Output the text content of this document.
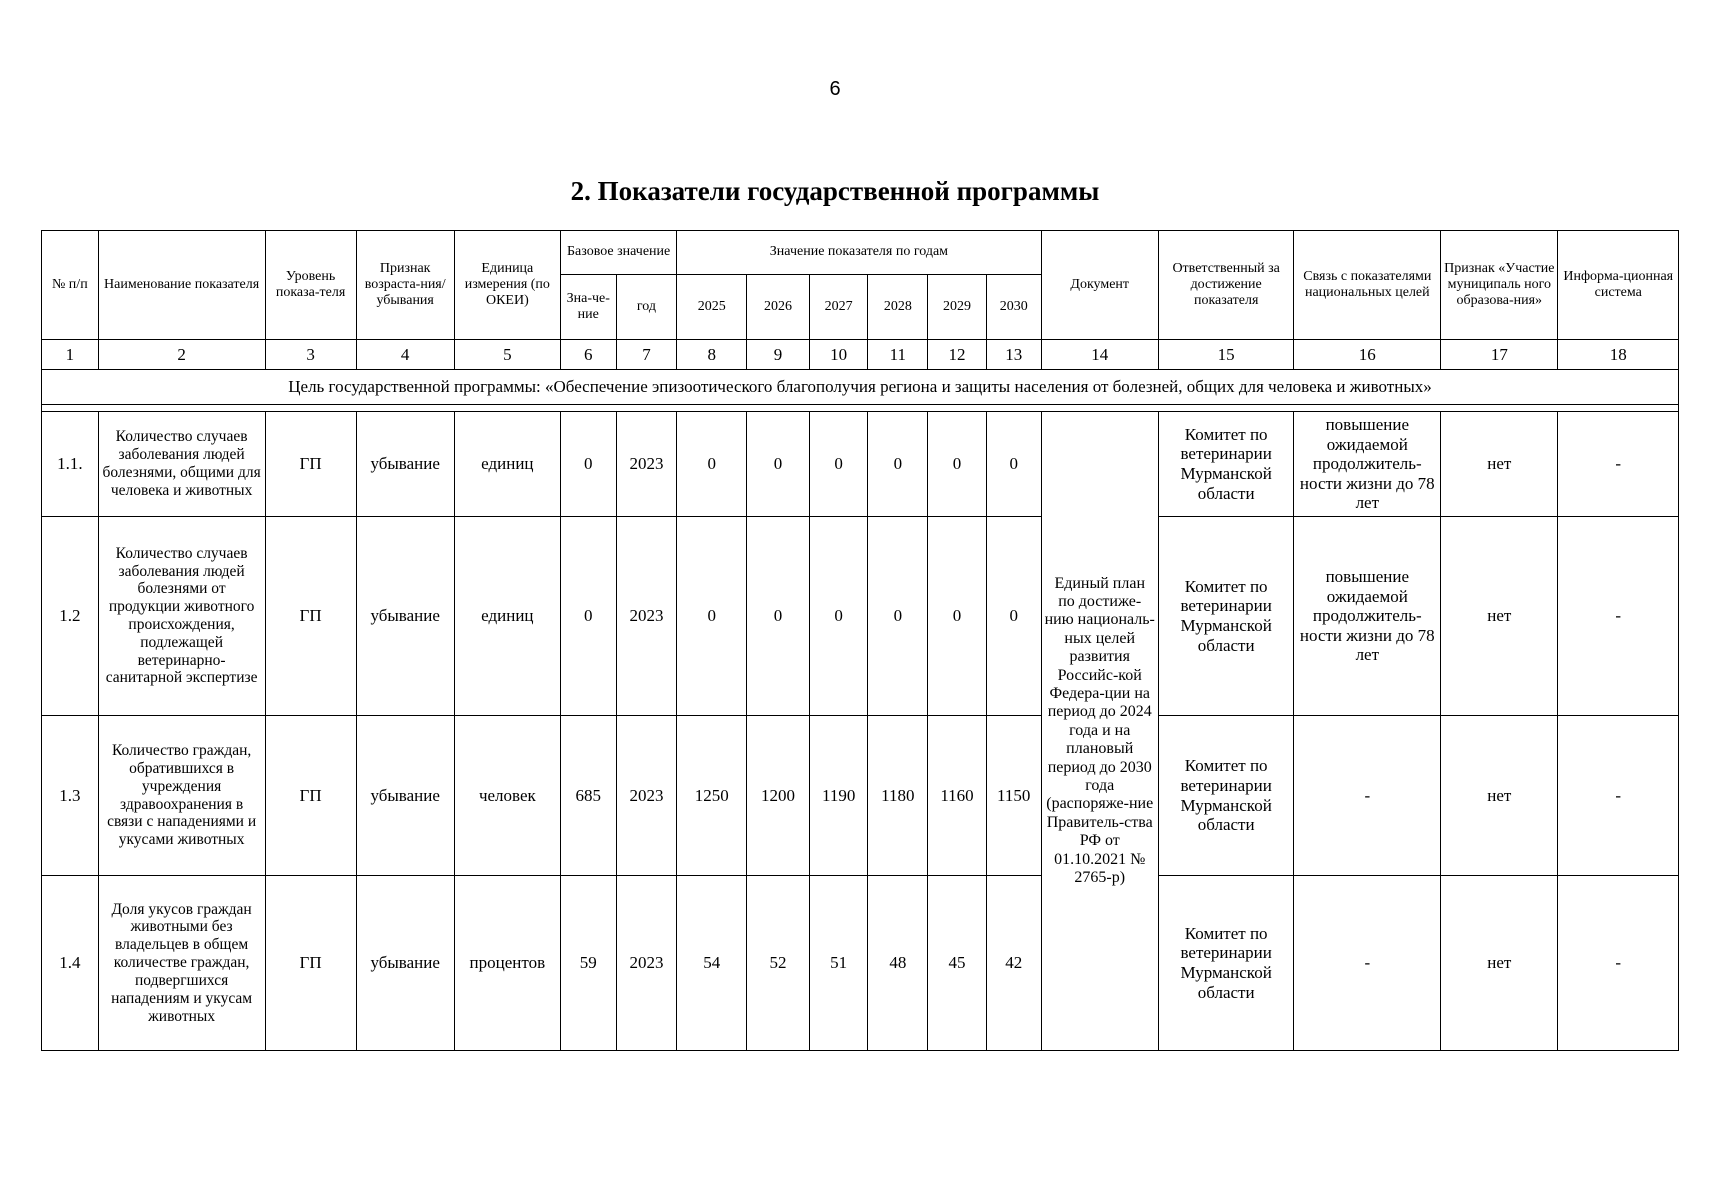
6
2. Показатели государственной программы
№ п/п	Наименование показателя	Уровень показа-теля	Признак возраста-ния/ убывания	Единица измерения (по ОКЕИ)	Базовое значение		Значение показателя по годам						Документ	Ответственный за достижение показателя	Связь с показателями национальных целей	Признак «Участие муниципаль ного образова-ния»	Информа-ционная система
					Зна-че-ние	год	2025	2026	2027	2028	2029	2030					
1	2	3	4	5	6	7	8	9	10	11	12	13	14	15	16	17	18
Цель государственной программы: «Обеспечение эпизоотического благополучия региона и защиты населения от болезней, общих для человека и животных»																	

1.1.	Количество случаев заболевания людей болезнями, общими для человека и животных	ГП	убывание	единиц	0	2023	0	0	0	0	0	0	Единый план по достиже-нию националь-ных целей развития Российс-кой Федера-ции на период до 2024 года и на плановый период до 2030 года (распоряже-ние Правитель-ства РФ от 01.10.2021 № 2765-р)	Комитет по ветеринарии Мурманской области	повышение ожидаемой продолжитель-ности жизни до 78 лет	нет	-
1.2	Количество случаев заболевания людей болезнями от продукции животного происхождения, подлежащей ветеринарно-санитарной экспертизе	ГП	убывание	единиц	0	2023	0	0	0	0	0	0		Комитет по ветеринарии Мурманской области	повышение ожидаемой продолжитель-ности жизни до 78 лет	нет	-
1.3	Количество граждан, обратившихся в учреждения здравоохранения в связи с нападениями и укусами животных	ГП	убывание	человек	685	2023	1250	1200	1190	1180	1160	1150		Комитет по ветеринарии Мурманской области	-	нет	-
1.4	Доля укусов граждан животными без владельцев в общем количестве граждан, подвергшихся нападениям и укусам животных	ГП	убывание	процентов	59	2023	54	52	51	48	45	42		Комитет по ветеринарии Мурманской области	-	нет	-
